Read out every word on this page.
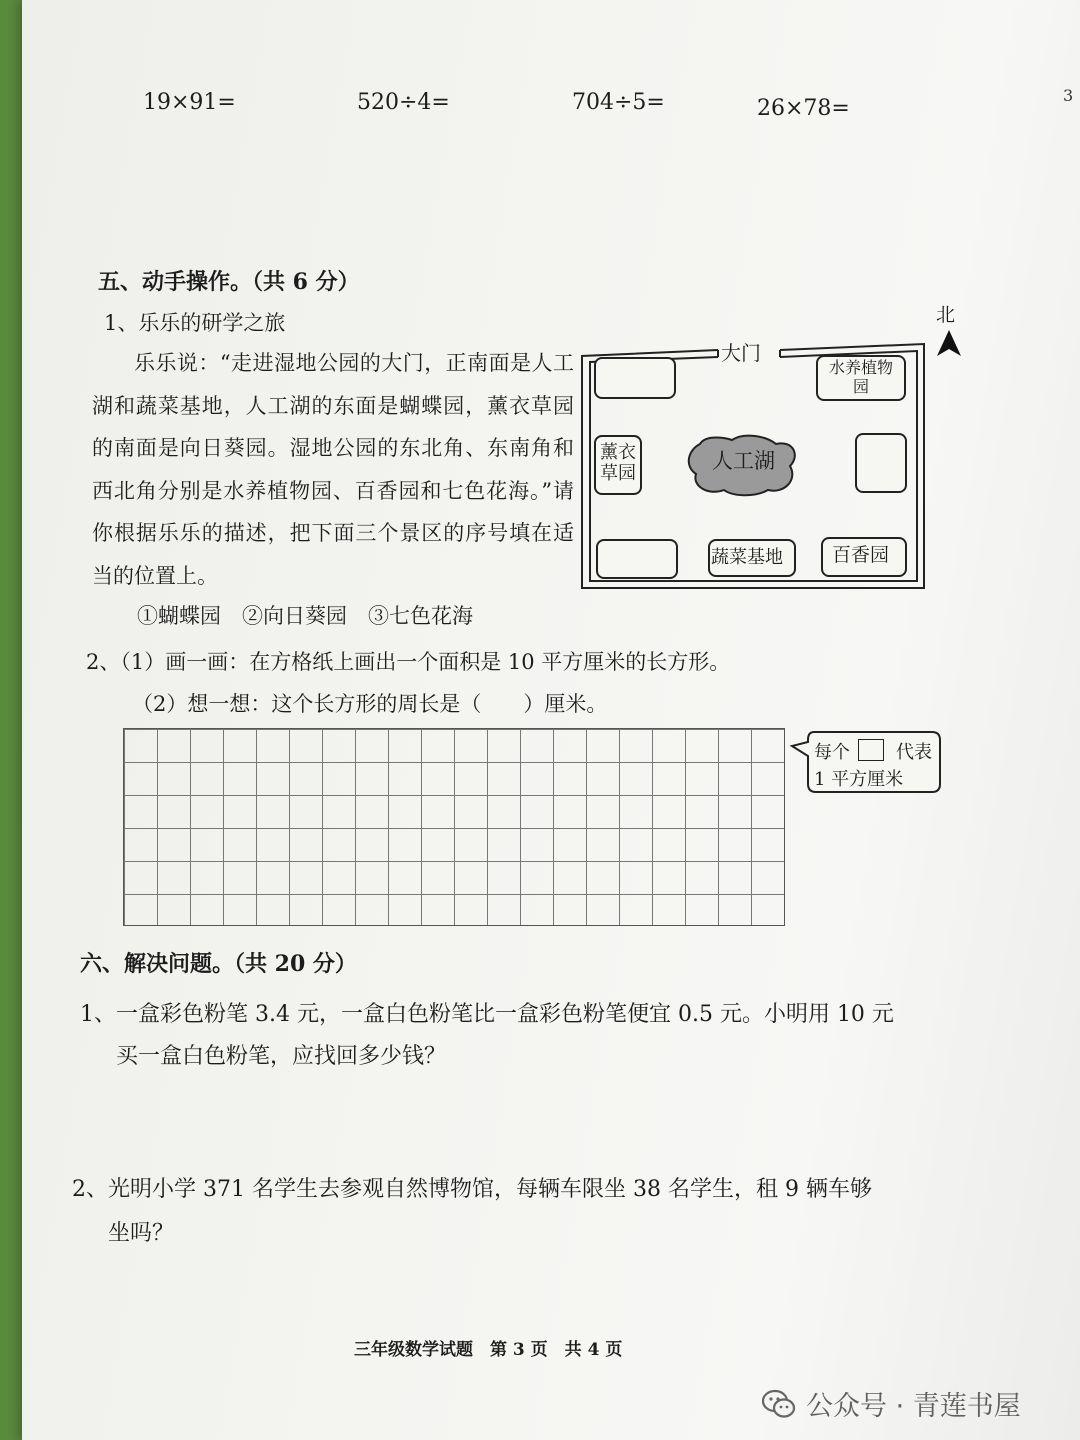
19×91=	520÷4=	704÷5=	26×78=
3
五、动手操作。（共 6 分）
1、乐乐的研学之旅
乐乐说：“走进湿地公园的大门，正南面是人工湖和蔬菜基地，人工湖的东面是蝴蝶园，薰衣草园的南面是向日葵园。湿地公园的东北角、东南角和西北角分别是水养植物园、百香园和七色花海。”请你根据乐乐的描述，把下面三个景区的序号填在适当的位置上。
①蝴蝶园　②向日葵园　③七色花海
北
大门
水养植物园
薰衣草园
人工湖
蔬菜基地	百香园
2、（1）画一画：在方格纸上画出一个面积是 10 平方厘米的长方形。
（2）想一想：这个长方形的周长是（　　）厘米。
每个	代表
1 平方厘米
六、解决问题。（共 20 分）
1、一盒彩色粉笔 3.4 元，一盒白色粉笔比一盒彩色粉笔便宜 0.5 元。小明用 10 元
买一盒白色粉笔，应找回多少钱？
2、光明小学 371 名学生去参观自然博物馆，每辆车限坐 38 名学生，租 9 辆车够
坐吗？
三年级数学试题　第 3 页　共 4 页
公众号 · 青莲书屋
